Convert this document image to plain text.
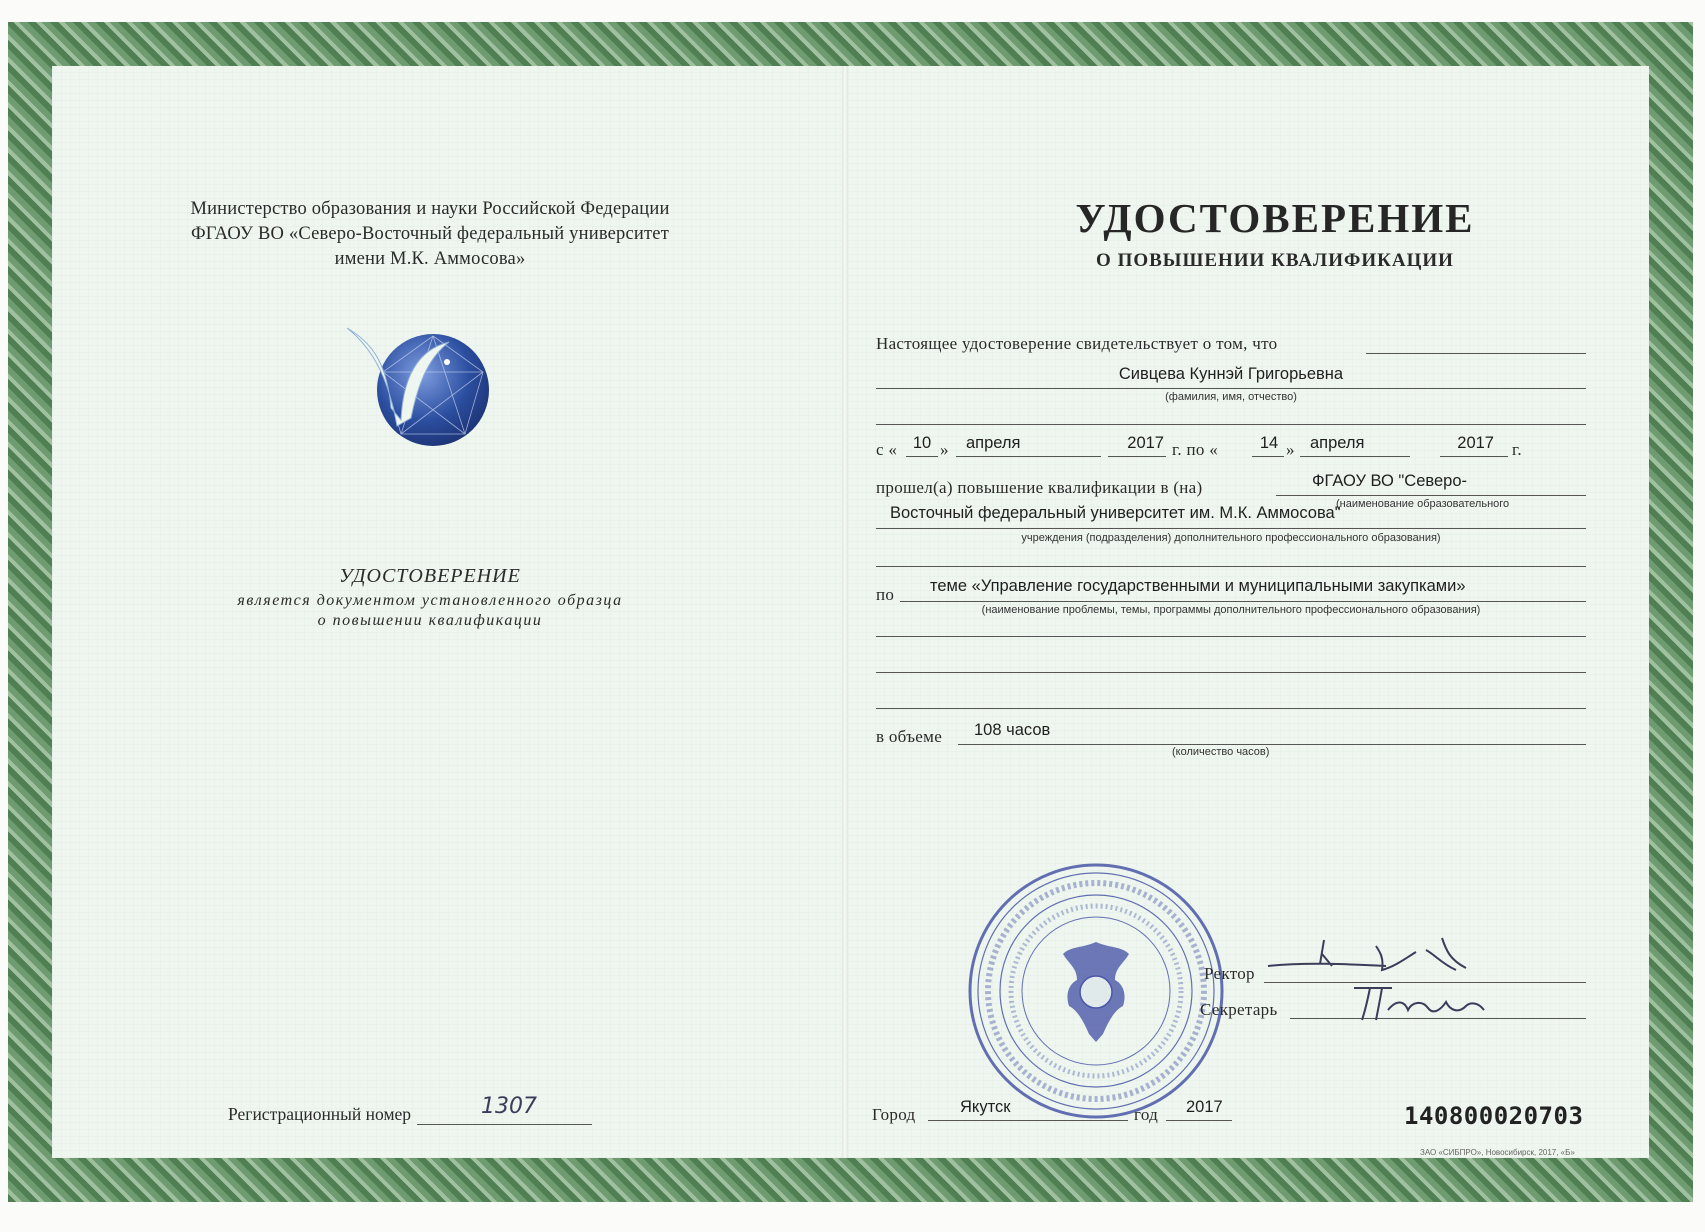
Министерство образования и науки Российской Федерации
ФГАОУ ВО «Северо-Восточный федеральный университет
имени М.К. Аммосова»
УДОСТОВЕРЕНИЕ
является документом установленного образца
о повышении квалификации
Регистрационный номер	1307
УДОСТОВЕРЕНИЕ
О ПОВЫШЕНИИ КВАЛИФИКАЦИИ
Настоящее удостоверение свидетельствует о том, что
Сивцева Куннэй Григорьевна
(фамилия, имя, отчество)
с « 10 »	апреля	2017 г. по «	14 » апреля	2017 г.
прошел(а) повышение квалификации в (на)	ФГАОУ ВО "Северо-
(наименование образовательного
Восточный федеральный университет им. М.К. Аммосова"
учреждения (подразделения) дополнительного профессионального образования)
по теме «Управление государственными и муниципальными закупками»
(наименование проблемы, темы, программы дополнительного профессионального образования)
в объеме 108 часов
(количество часов)
Ректор
Секретарь
Город	Якутск	год 2017	140800020703
ЗАО «СИБПРО», Новосибирск, 2017, «Б»
